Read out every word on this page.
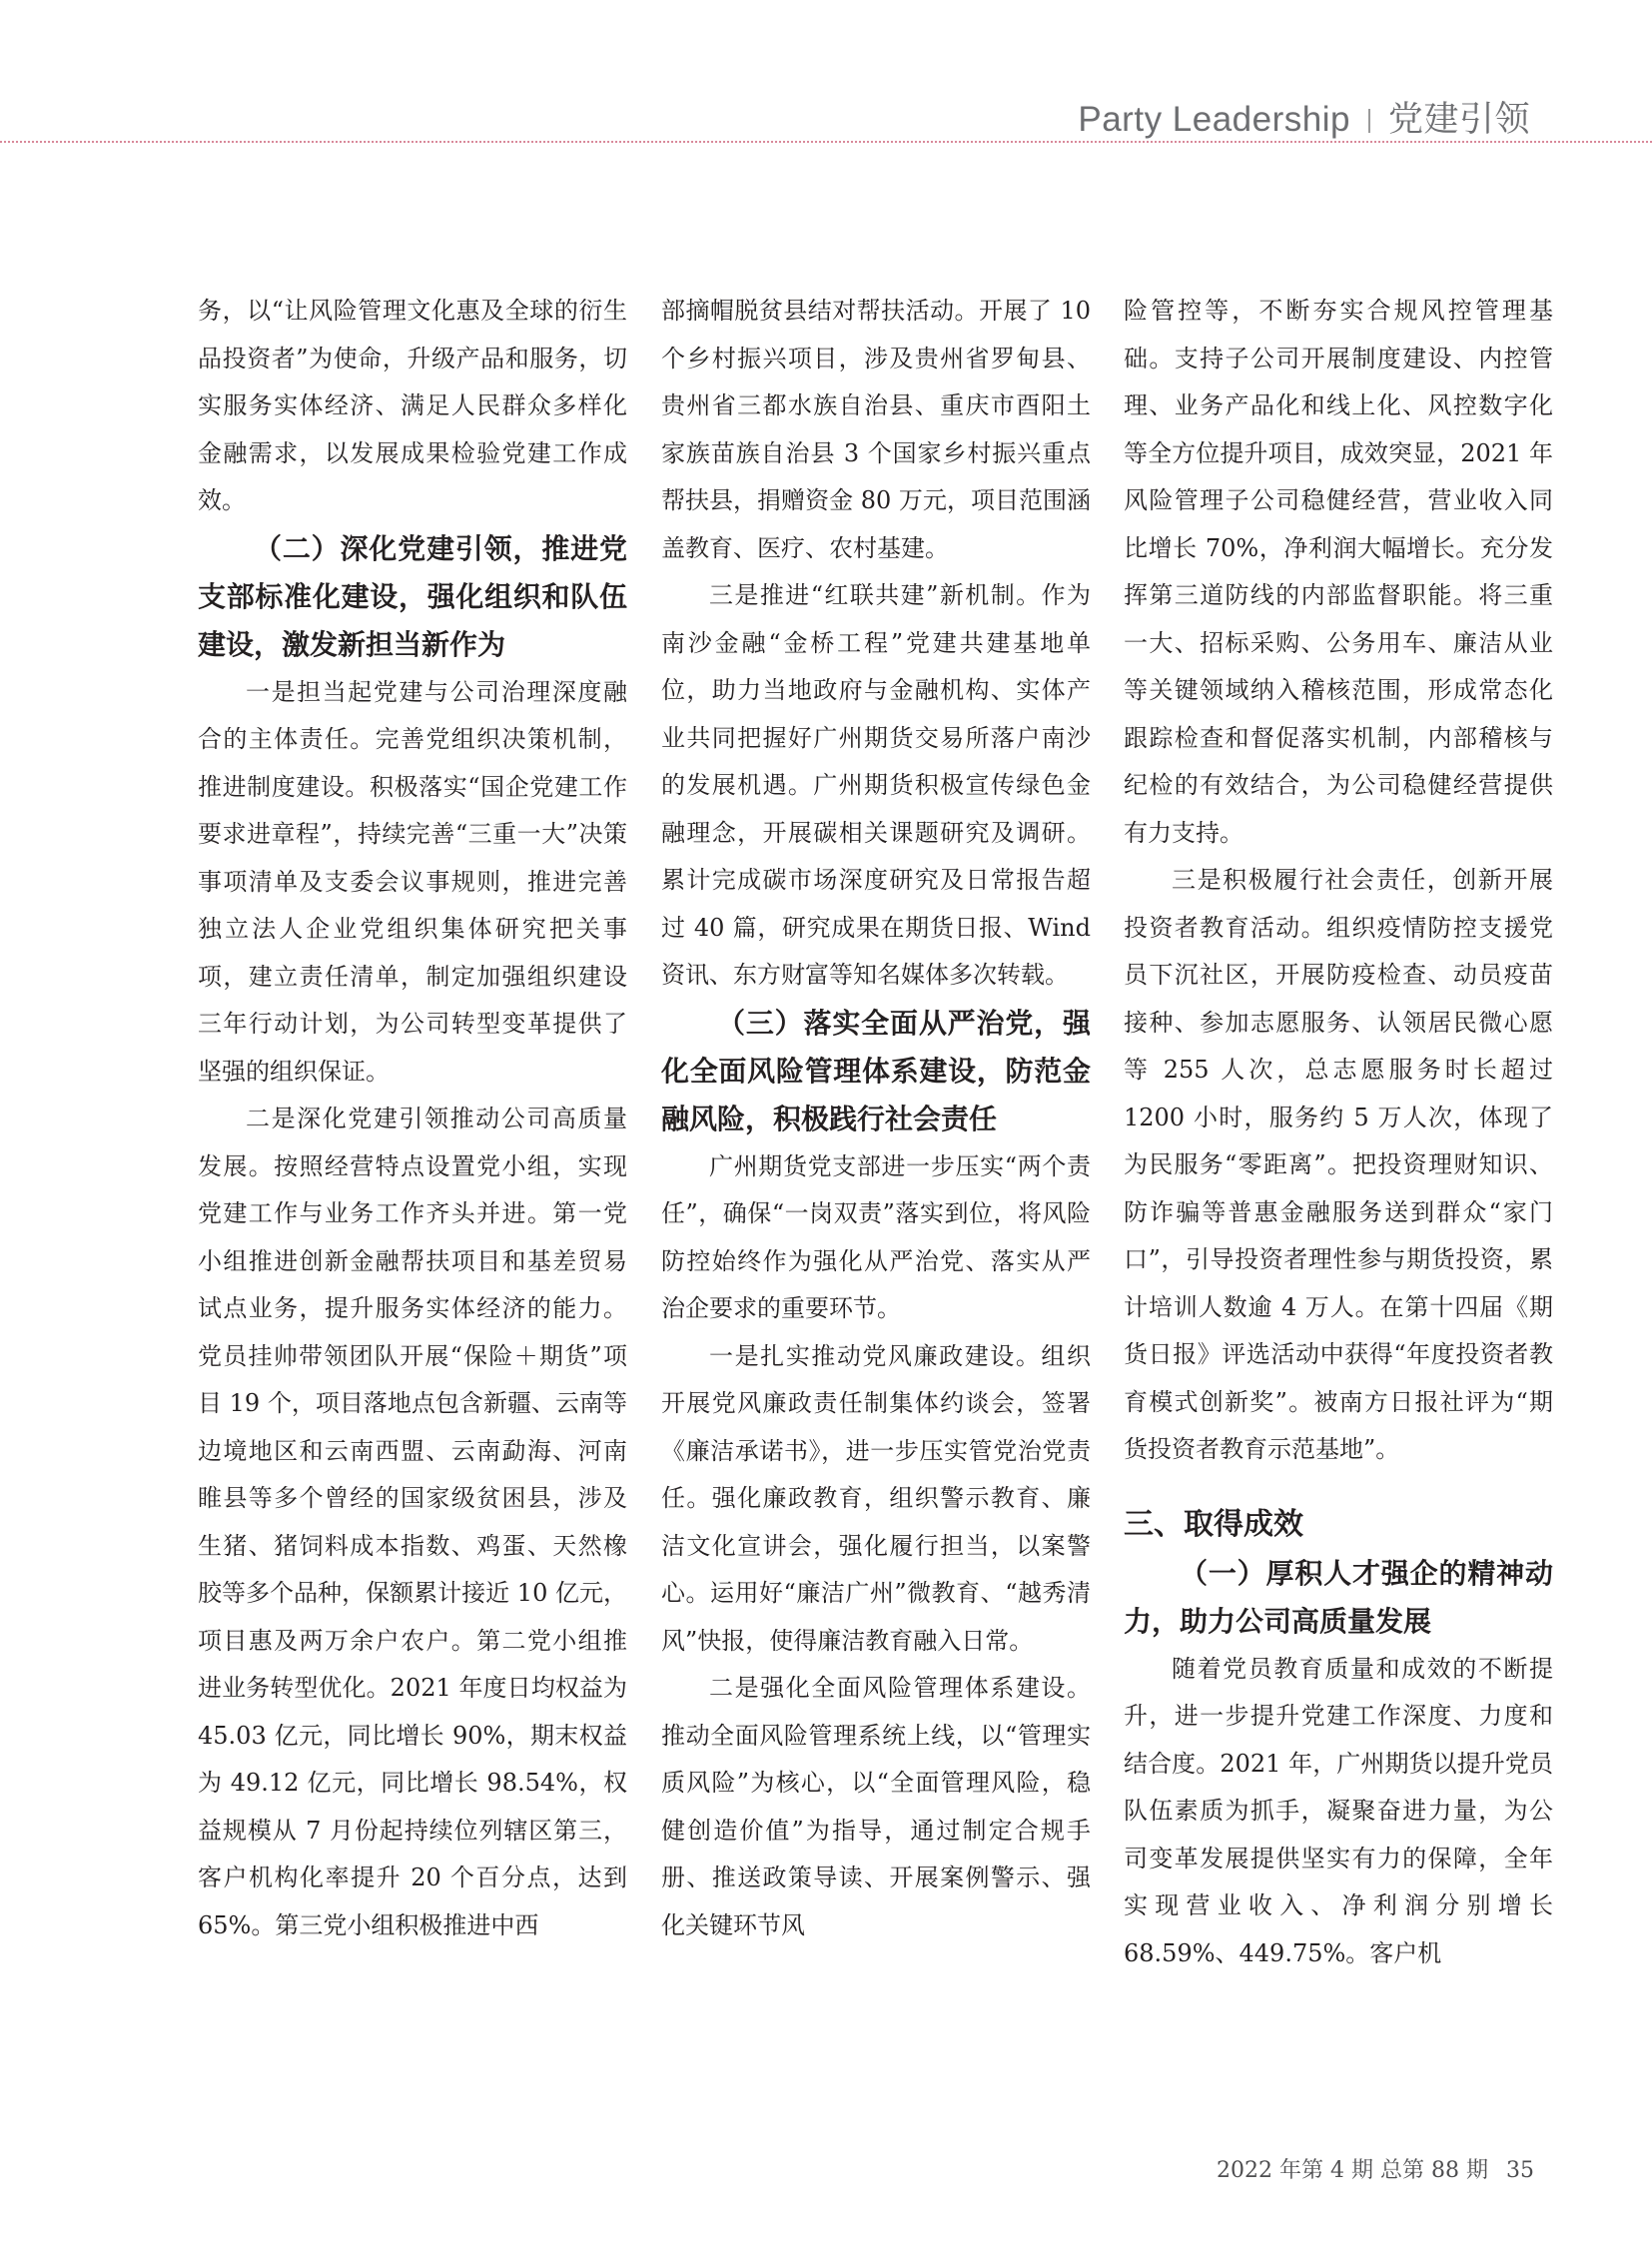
Party Leadership 党建引领

务，以“让风险管理文化惠及全球的衍生品投资者”为使命，升级产品和服务，切实服务实体经济、满足人民群众多样化金融需求，以发展成果检验党建工作成效。

（二）深化党建引领，推进党支部标准化建设，强化组织和队伍建设，激发新担当新作为

一是担当起党建与公司治理深度融合的主体责任。完善党组织决策机制，推进制度建设。积极落实“国企党建工作要求进章程”，持续完善“三重一大”决策事项清单及支委会议事规则，推进完善独立法人企业党组织集体研究把关事项，建立责任清单，制定加强组织建设三年行动计划，为公司转型变革提供了坚强的组织保证。

二是深化党建引领推动公司高质量发展。按照经营特点设置党小组，实现党建工作与业务工作齐头并进。第一党小组推进创新金融帮扶项目和基差贸易试点业务，提升服务实体经济的能力。党员挂帅带领团队开展“保险＋期货”项目 19 个，项目落地点包含新疆、云南等边境地区和云南西盟、云南勐海、河南睢县等多个曾经的国家级贫困县，涉及生猪、猪饲料成本指数、鸡蛋、天然橡胶等多个品种，保额累计接近 10 亿元，项目惠及两万余户农户。第二党小组推进业务转型优化。2021 年度日均权益为 45.03 亿元，同比增长 90%，期末权益为 49.12 亿元，同比增长 98.54%，权益规模从 7 月份起持续位列辖区第三，客户机构化率提升 20 个百分点，达到 65%。第三党小组积极推进中西

部摘帽脱贫县结对帮扶活动。开展了 10 个乡村振兴项目，涉及贵州省罗甸县、贵州省三都水族自治县、重庆市酉阳土家族苗族自治县 3 个国家乡村振兴重点帮扶县，捐赠资金 80 万元，项目范围涵盖教育、医疗、农村基建。

三是推进“红联共建”新机制。作为南沙金融“金桥工程”党建共建基地单位，助力当地政府与金融机构、实体产业共同把握好广州期货交易所落户南沙的发展机遇。广州期货积极宣传绿色金融理念，开展碳相关课题研究及调研。累计完成碳市场深度研究及日常报告超过 40 篇，研究成果在期货日报、Wind 资讯、东方财富等知名媒体多次转载。

（三）落实全面从严治党，强化全面风险管理体系建设，防范金融风险，积极践行社会责任

广州期货党支部进一步压实“两个责任”，确保“一岗双责”落实到位，将风险防控始终作为强化从严治党、落实从严治企要求的重要环节。

一是扎实推动党风廉政建设。组织开展党风廉政责任制集体约谈会，签署《廉洁承诺书》，进一步压实管党治党责任。强化廉政教育，组织警示教育、廉洁文化宣讲会，强化履行担当，以案警心。运用好“廉洁广州”微教育、“越秀清风”快报，使得廉洁教育融入日常。

二是强化全面风险管理体系建设。推动全面风险管理系统上线，以“管理实质风险”为核心，以“全面管理风险，稳健创造价值”为指导，通过制定合规手册、推送政策导读、开展案例警示、强化关键环节风

险管控等，不断夯实合规风控管理基础。支持子公司开展制度建设、内控管理、业务产品化和线上化、风控数字化等全方位提升项目，成效突显，2021 年风险管理子公司稳健经营，营业收入同比增长 70%，净利润大幅增长。充分发挥第三道防线的内部监督职能。将三重一大、招标采购、公务用车、廉洁从业等关键领域纳入稽核范围，形成常态化跟踪检查和督促落实机制，内部稽核与纪检的有效结合，为公司稳健经营提供有力支持。

三是积极履行社会责任，创新开展投资者教育活动。组织疫情防控支援党员下沉社区，开展防疫检查、动员疫苗接种、参加志愿服务、认领居民微心愿等 255 人次，总志愿服务时长超过 1200 小时，服务约 5 万人次，体现了为民服务“零距离”。把投资理财知识、防诈骗等普惠金融服务送到群众“家门口”，引导投资者理性参与期货投资，累计培训人数逾 4 万人。在第十四届《期货日报》评选活动中获得“年度投资者教育模式创新奖”。被南方日报社评为“期货投资者教育示范基地”。

三、取得成效
（一）厚积人才强企的精神动力，助力公司高质量发展

随着党员教育质量和成效的不断提升，进一步提升党建工作深度、力度和结合度。2021 年，广州期货以提升党员队伍素质为抓手，凝聚奋进力量，为公司变革发展提供坚实有力的保障，全年实现营业收入、净利润分别增长 68.59%、449.75%。客户机

2022 年第 4 期 总第 88 期 35
